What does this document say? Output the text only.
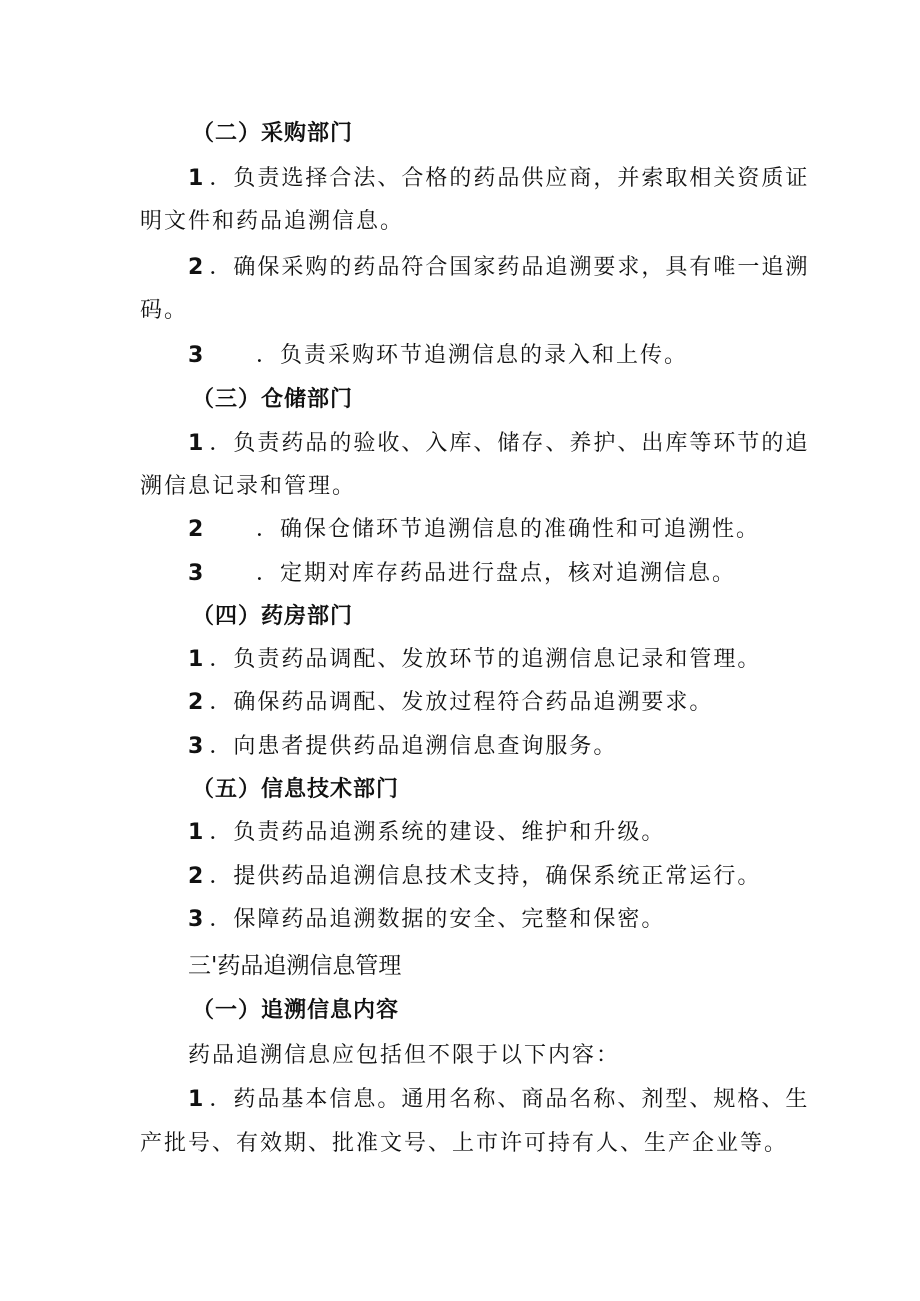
（二）采购部门
1 ．负责选择合法、合格的药品供应商，并索取相关资质证
明文件和药品追溯信息。
2 ．确保采购的药品符合国家药品追溯要求，具有唯一追溯
码。
3 ．负责采购环节追溯信息的录入和上传。
（三）仓储部门
1 ．负责药品的验收、入库、储存、养护、出库等环节的追
溯信息记录和管理。
2 ．确保仓储环节追溯信息的准确性和可追溯性。
3 ．定期对库存药品进行盘点，核对追溯信息。
（四）药房部门
1 ．负责药品调配、发放环节的追溯信息记录和管理。
2 ．确保药品调配、发放过程符合药品追溯要求。
3 ．向患者提供药品追溯信息查询服务。
（五）信息技术部门
1 ．负责药品追溯系统的建设、维护和升级。
2 ．提供药品追溯信息技术支持，确保系统正常运行。
3 ．保障药品追溯数据的安全、完整和保密。
三'药品追溯信息管理
（一）追溯信息内容
药品追溯信息应包括但不限于以下内容：
1 ．药品基本信息。通用名称、商品名称、剂型、规格、生
产批号、有效期、批准文号、上市许可持有人、生产企业等。
